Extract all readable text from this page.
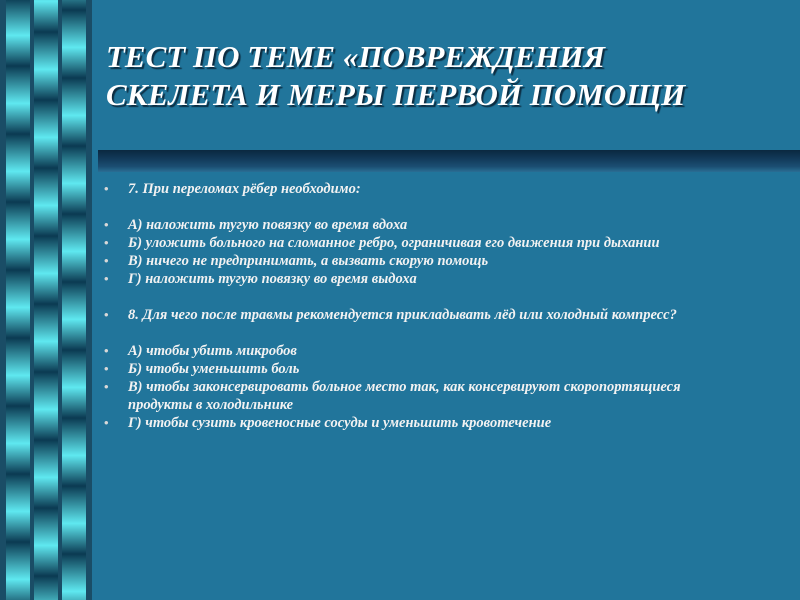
ТЕСТ ПО ТЕМЕ «ПОВРЕЖДЕНИЯ
СКЕЛЕТА И МЕРЫ ПЕРВОЙ ПОМОЩИ
• 7. При переломах рёбер необходимо:
• А) наложить тугую повязку во время вдоха
• Б) уложить больного на сломанное ребро, ограничивая его движения при дыхании
• В) ничего не предпринимать, а вызвать скорую помощь
• Г) наложить тугую повязку во время выдоха
• 8. Для чего после травмы рекомендуется прикладывать лёд или холодный компресс?
• А) чтобы убить микробов
• Б) чтобы уменьшить боль
• В) чтобы законсервировать больное место так, как консервируют скоропортящиеся продукты в холодильнике
• Г) чтобы сузить кровеносные сосуды и уменьшить кровотечение
